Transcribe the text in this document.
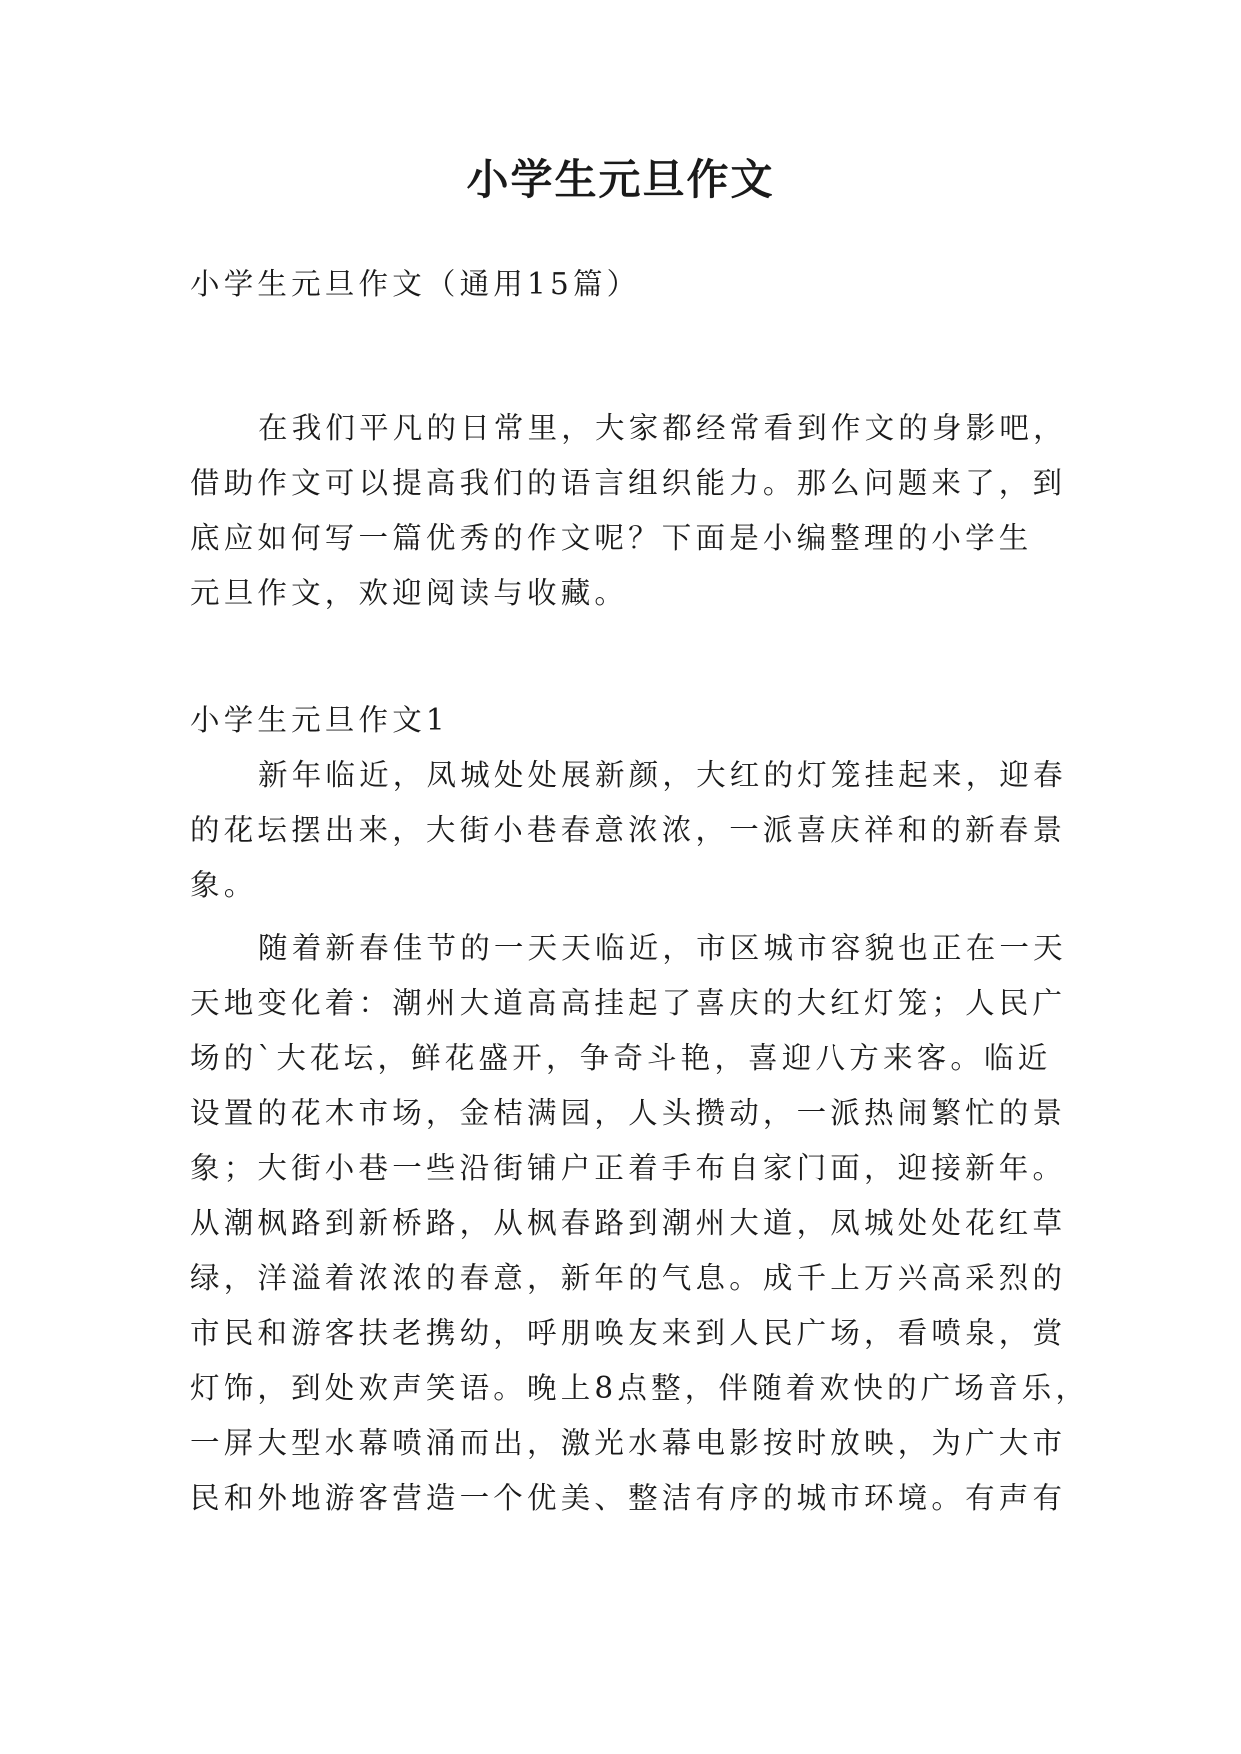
小学生元旦作文

小学生元旦作文（通用15篇）

在我们平凡的日常里，大家都经常看到作文的身影吧，

借助作文可以提高我们的语言组织能力。那么问题来了，到

底应如何写一篇优秀的作文呢？下面是小编整理的小学生

元旦作文，欢迎阅读与收藏。

小学生元旦作文1

新年临近，凤城处处展新颜，大红的灯笼挂起来，迎春

的花坛摆出来，大街小巷春意浓浓，一派喜庆祥和的新春景

象。

随着新春佳节的一天天临近，市区城市容貌也正在一天

天地变化着：潮州大道高高挂起了喜庆的大红灯笼；人民广

场的`大花坛，鲜花盛开，争奇斗艳，喜迎八方来客。临近

设置的花木市场，金桔满园，人头攒动，一派热闹繁忙的景

象；大街小巷一些沿街铺户正着手布自家门面，迎接新年。

从潮枫路到新桥路，从枫春路到潮州大道，凤城处处花红草

绿，洋溢着浓浓的春意，新年的气息。成千上万兴高采烈的

市民和游客扶老携幼，呼朋唤友来到人民广场，看喷泉，赏

灯饰，到处欢声笑语。晚上8点整，伴随着欢快的广场音乐，

一屏大型水幕喷涌而出，激光水幕电影按时放映，为广大市

民和外地游客营造一个优美、整洁有序的城市环境。有声有
